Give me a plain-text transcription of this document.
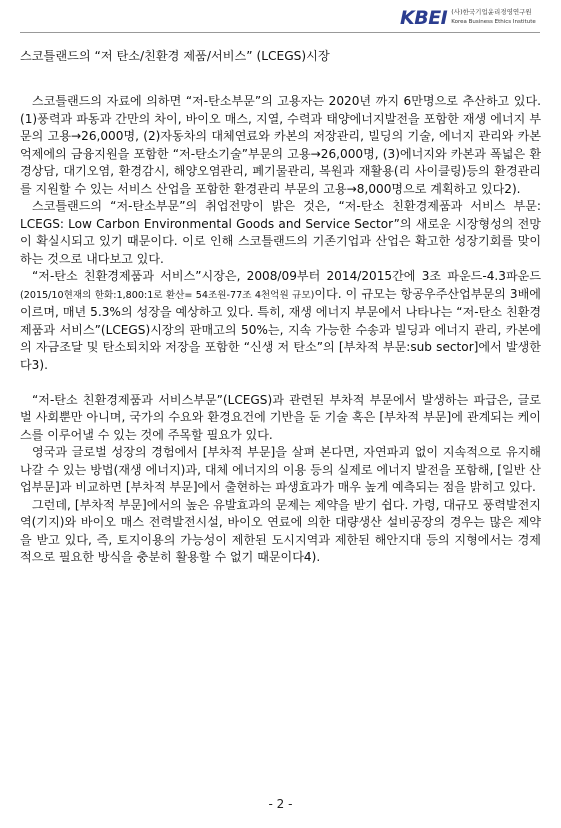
KBEI (사)한국기업윤리경영연구원
Korea Business Ethics Institute
스코틀랜드의 “저 탄소/친환경 제품/서비스” (LCEGS)시장

스코틀랜드의 자료에 의하면 “저-탄소부문”의 고용자는 2020년 까지 6만명으로 추산하고 있다. (1)풍력과 파동과 간만의 차이, 바이오 매스, 지열, 수력과 태양에너지발전을 포함한 재생 에너지 부문의 고용→26,000명, (2)자동차의 대체연료와 카본의 저장관리, 빌딩의 기술, 에너지 관리와 카본억제에의 금융지원을 포함한 “저-탄소기술”부문의 고용→26,000명, (3)에너지와 카본과 폭넓은 환경상담, 대기오염, 환경감시, 해양오염관리, 폐기물관리, 복원과 재활용(리 사이클링)등의 환경관리를 지원할 수 있는 서비스 산업을 포함한 환경관리 부문의 고용→8,000명으로 계획하고 있다2).

스코틀랜드의 “저-탄소부문”의 취업전망이 밝은 것은, “저-탄소 친환경제품과 서비스 부문: LCEGS: Low Carbon Environmental Goods and Service Sector”의 새로운 시장형성의 전망이 확실시되고 있기 때문이다. 이로 인해 스코틀랜드의 기존기업과 산업은 확고한 성장기회를 맞이하는 것으로 내다보고 있다.

“저-탄소 친환경제품과 서비스”시장은, 2008/09부터 2014/2015간에 3조 파운드-4.3파운드(2015/10현재의 한화:1,800:1로 환산= 54조원-77조 4천억원 규모)이다. 이 규모는 항공우주산업부문의 3배에 이르며, 매년 5.3%의 성장을 예상하고 있다. 특히, 재생 에너지 부문에서 나타나는 “저-탄소 친환경제품과 서비스”(LCEGS)시장의 판매고의 50%는, 지속 가능한 수송과 빌딩과 에너지 관리, 카본에의 자금조달 및 탄소퇴치와 저장을 포함한 “신생 저 탄소”의 [부차적 부문:sub sector]에서 발생한다3).

“저-탄소 친환경제품과 서비스부문”(LCEGS)과 관련된 부차적 부문에서 발생하는 파급은, 글로벌 사회뿐만 아니며, 국가의 수요와 환경요건에 기반을 둔 기술 혹은 [부차적 부문]에 관계되는 케이스를 이루어낼 수 있는 것에 주목할 필요가 있다.

영국과 글로벌 성장의 경험에서 [부차적 부문]을 살펴 본다면, 자연파괴 없이 지속적으로 유지해 나갈 수 있는 방법(재생 에너지)과, 대체 에너지의 이용 등의 실제로 에너지 발전을 포함해, [일반 산업부문]과 비교하면 [부차적 부문]에서 출현하는 파생효과가 매우 높게 예측되는 점을 밝히고 있다.

그런데, [부차적 부문]에서의 높은 유발효과의 문제는 제약을 받기 쉽다. 가령, 대규모 풍력발전지역(기지)와 바이오 매스 전력발전시설, 바이오 연료에 의한 대량생산 설비공장의 경우는 많은 제약을 받고 있다, 즉, 토지이용의 가능성이 제한된 도시지역과 제한된 해안지대 등의 지형에서는 경제적으로 필요한 방식을 충분히 활용할 수 없기 때문이다4).

- 2 -
